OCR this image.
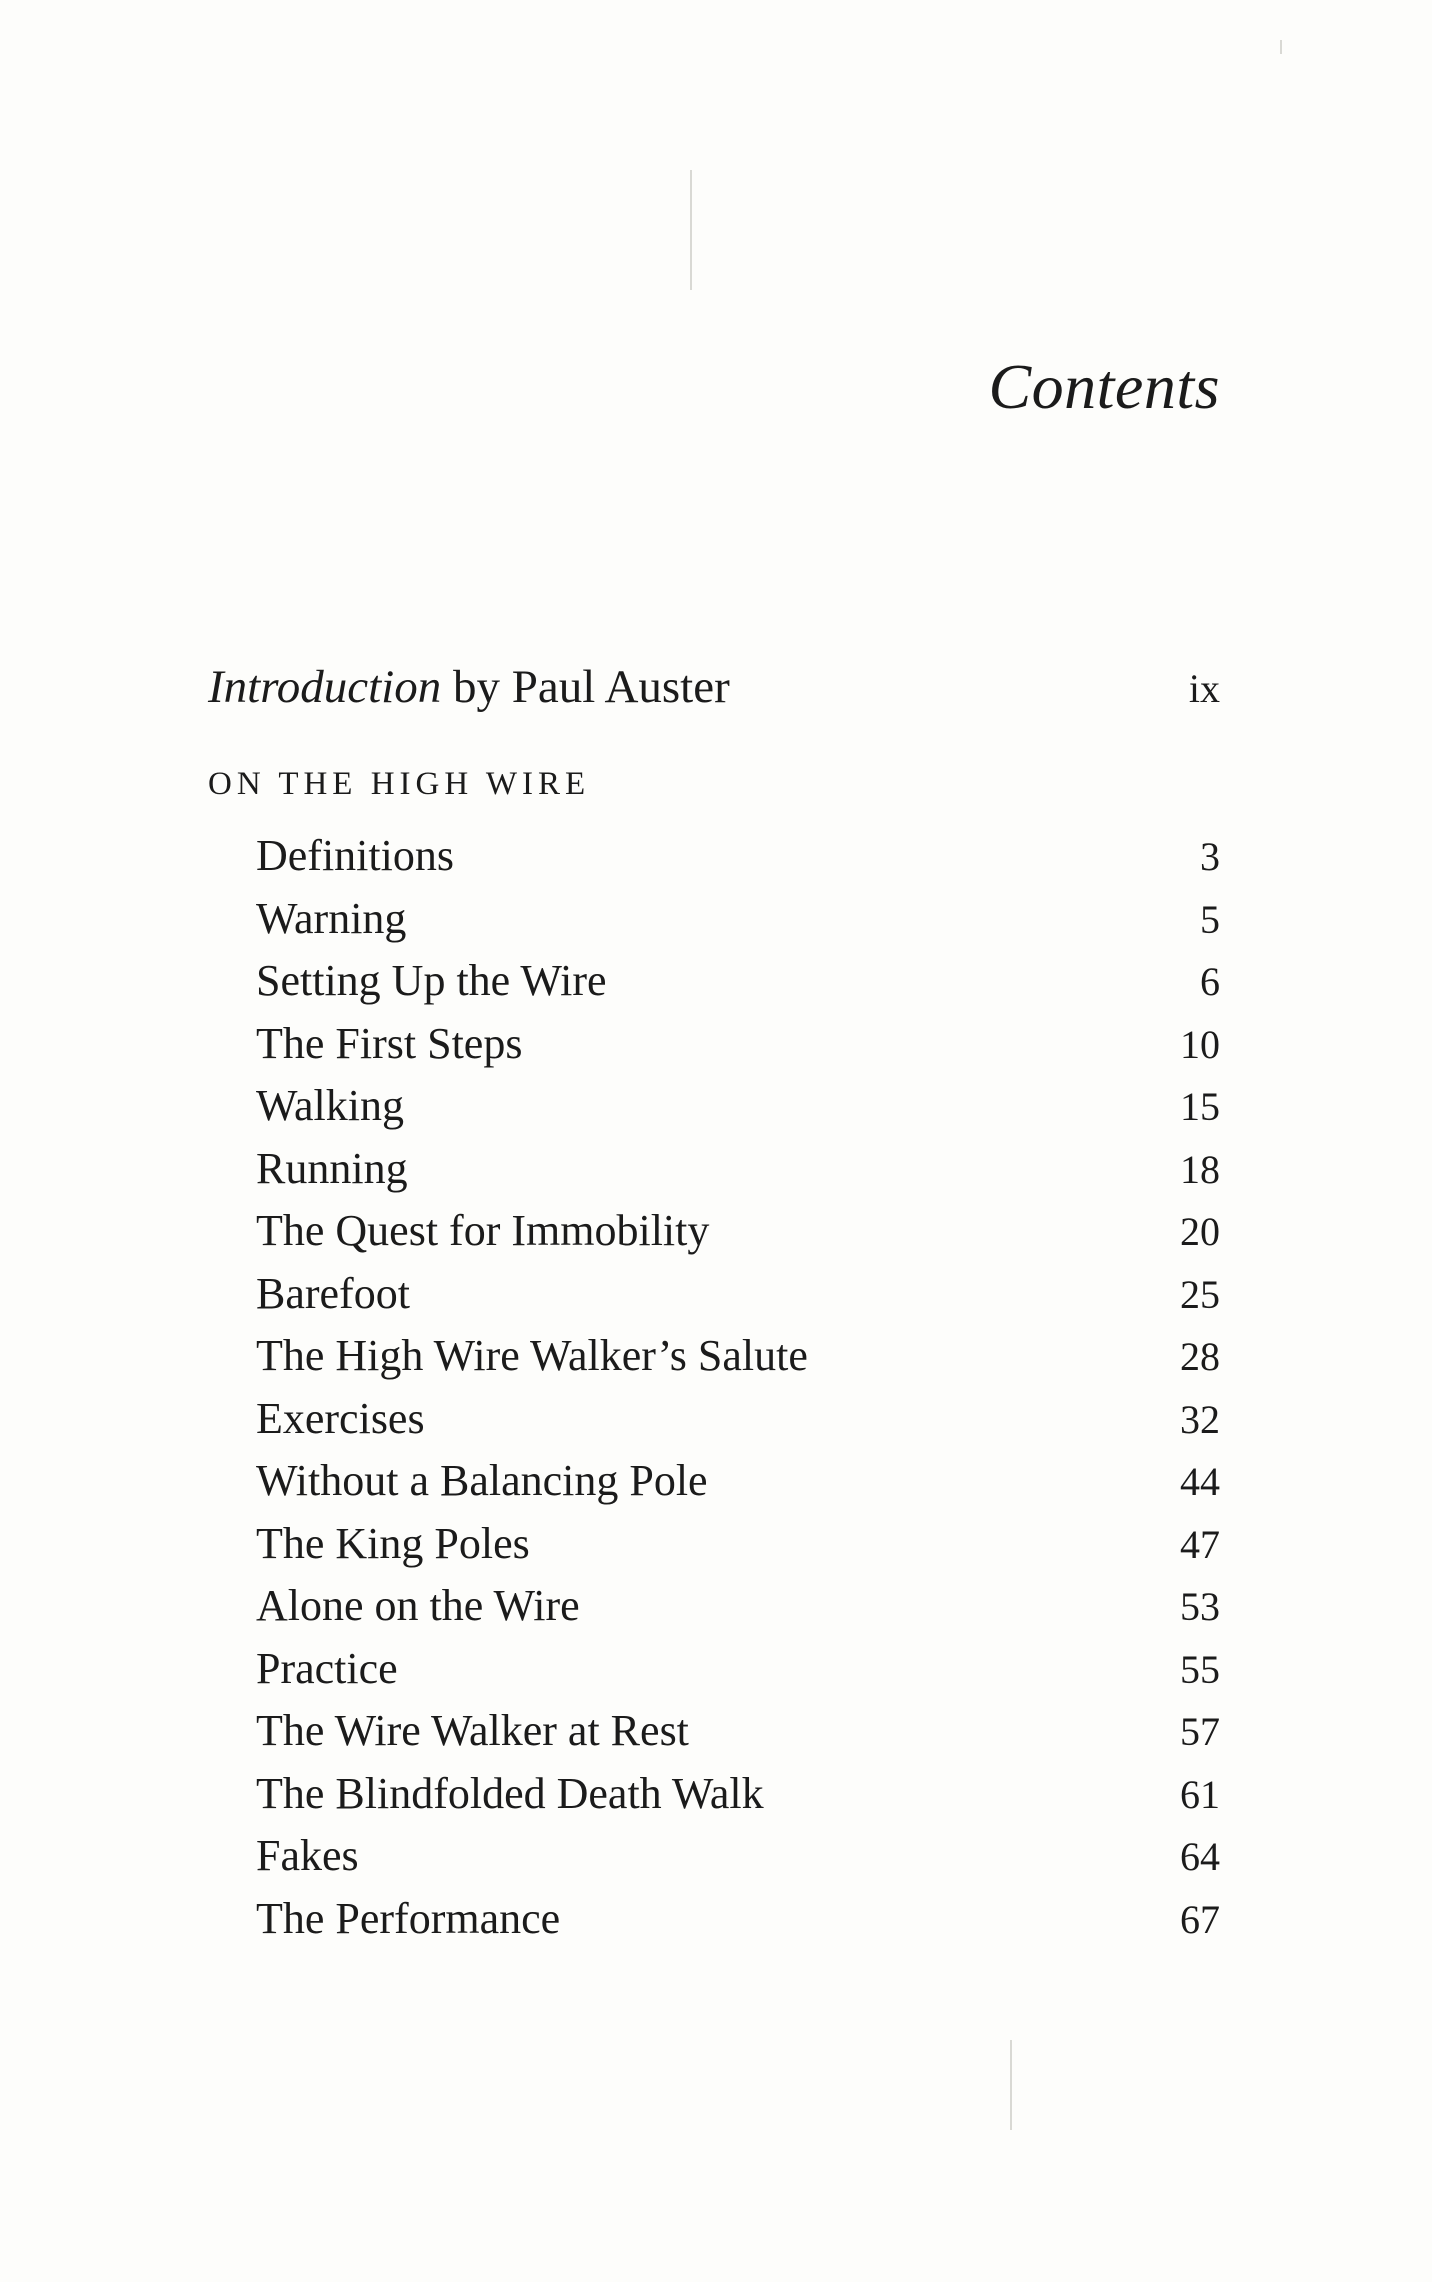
Contents
Introduction by Paul Auster	ix
ON THE HIGH WIRE
Definitions	3
Warning	5
Setting Up the Wire	6
The First Steps	10
Walking	15
Running	18
The Quest for Immobility	20
Barefoot	25
The High Wire Walker’s Salute	28
Exercises	32
Without a Balancing Pole	44
The King Poles	47
Alone on the Wire	53
Practice	55
The Wire Walker at Rest	57
The Blindfolded Death Walk	61
Fakes	64
The Performance	67
